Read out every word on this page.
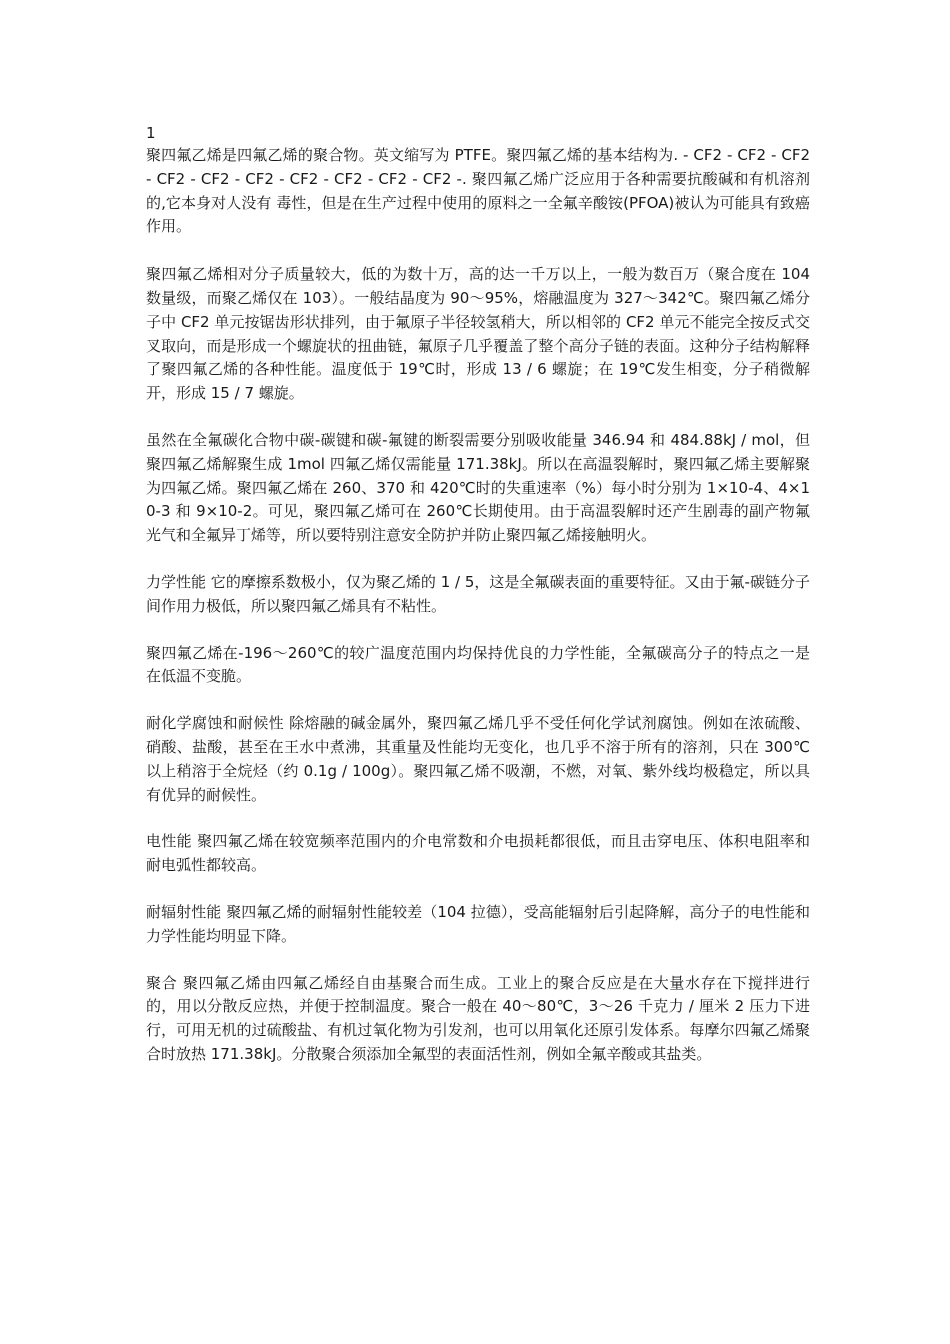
1

聚四氟乙烯是四氟乙烯的聚合物。英文缩写为 PTFE。聚四氟乙烯的基本结构为. - CF2 - CF2 - CF2 - CF2 - CF2 - CF2 - CF2 - CF2 - CF2 - CF2 -. 聚四氟乙烯广泛应用于各种需要抗酸碱和有机溶剂的,它本身对人没有 毒性，但是在生产过程中使用的原料之一全氟辛酸铵(PFOA)被认为可能具有致癌作用。

聚四氟乙烯相对分子质量较大，低的为数十万，高的达一千万以上，一般为数百万（聚合度在 104 数量级，而聚乙烯仅在 103）。一般结晶度为 90～95%，熔融温度为 327～342℃。聚四氟乙烯分子中 CF2 单元按锯齿形状排列，由于氟原子半径较氢稍大，所以相邻的 CF2 单元不能完全按反式交叉取向，而是形成一个螺旋状的扭曲链，氟原子几乎覆盖了整个高分子链的表面。这种分子结构解释了聚四氟乙烯的各种性能。温度低于 19℃时，形成 13 / 6 螺旋；在 19℃发生相变，分子稍微解开，形成 15 / 7 螺旋。

虽然在全氟碳化合物中碳-碳键和碳-氟键的断裂需要分别吸收能量 346.94 和 484.88kJ / mol，但聚四氟乙烯解聚生成 1mol 四氟乙烯仅需能量 171.38kJ。所以在高温裂解时，聚四氟乙烯主要解聚为四氟乙烯。聚四氟乙烯在 260、370 和 420℃时的失重速率（%）每小时分别为 1×10-4、4×10-3 和 9×10-2。可见，聚四氟乙烯可在 260℃长期使用。由于高温裂解时还产生剧毒的副产物氟光气和全氟异丁烯等，所以要特别注意安全防护并防止聚四氟乙烯接触明火。

力学性能 它的摩擦系数极小，仅为聚乙烯的 1 / 5，这是全氟碳表面的重要特征。又由于氟-碳链分子间作用力极低，所以聚四氟乙烯具有不粘性。

聚四氟乙烯在-196～260℃的较广温度范围内均保持优良的力学性能，全氟碳高分子的特点之一是在低温不变脆。

耐化学腐蚀和耐候性 除熔融的碱金属外，聚四氟乙烯几乎不受任何化学试剂腐蚀。例如在浓硫酸、硝酸、盐酸，甚至在王水中煮沸，其重量及性能均无变化，也几乎不溶于所有的溶剂，只在 300℃以上稍溶于全烷烃（约 0.1g / 100g）。聚四氟乙烯不吸潮，不燃，对氧、紫外线均极稳定，所以具有优异的耐候性。

电性能 聚四氟乙烯在较宽频率范围内的介电常数和介电损耗都很低，而且击穿电压、体积电阻率和耐电弧性都较高。

耐辐射性能 聚四氟乙烯的耐辐射性能较差（104 拉德），受高能辐射后引起降解，高分子的电性能和力学性能均明显下降。

聚合 聚四氟乙烯由四氟乙烯经自由基聚合而生成。工业上的聚合反应是在大量水存在下搅拌进行的，用以分散反应热，并便于控制温度。聚合一般在 40～80℃，3～26 千克力 / 厘米 2 压力下进行，可用无机的过硫酸盐、有机过氧化物为引发剂，也可以用氧化还原引发体系。每摩尔四氟乙烯聚合时放热 171.38kJ。分散聚合须添加全氟型的表面活性剂，例如全氟辛酸或其盐类。
